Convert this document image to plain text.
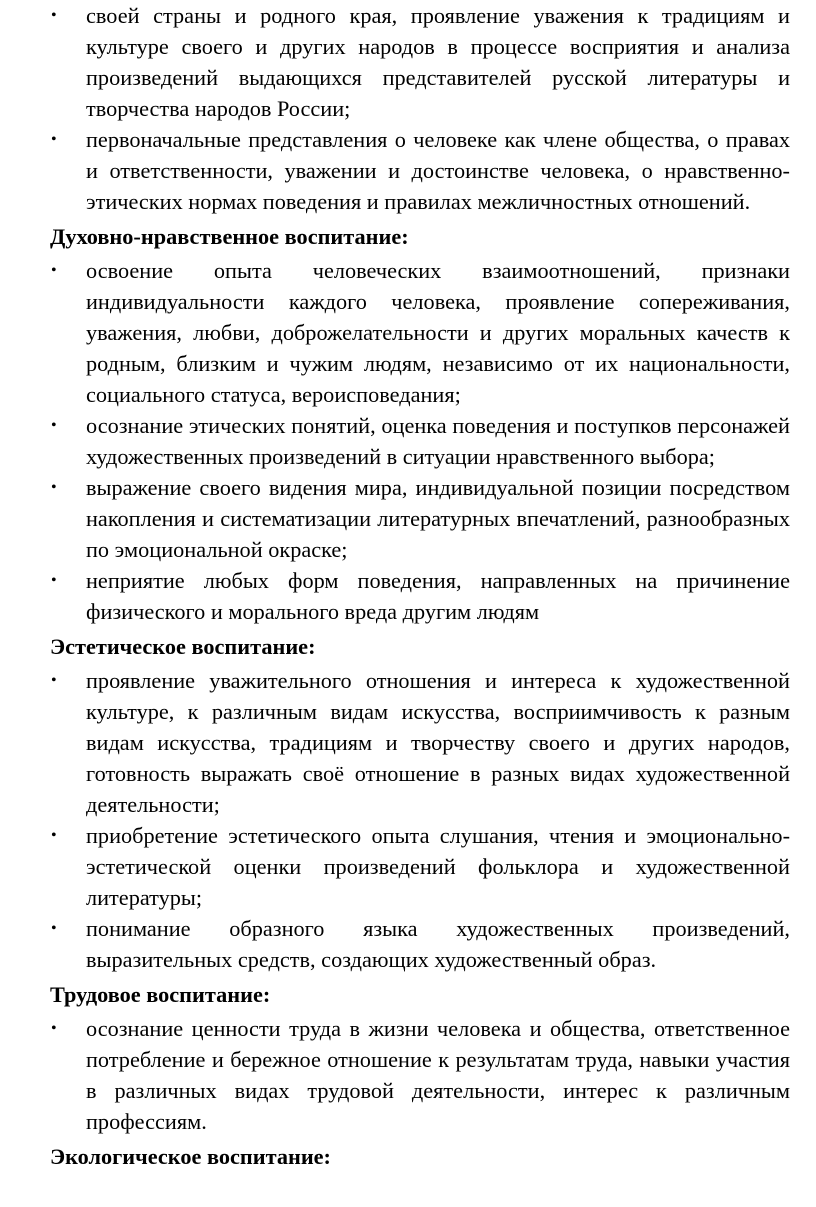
• своей страны и родного края, проявление уважения к традициям и культуре своего и других народов в процессе восприятия и анализа произведений выдающихся представителей русской литературы и творчества народов России;
• первоначальные представления о человеке как члене общества, о правах и ответственности, уважении и достоинстве человека, о нравственно-этических нормах поведения и правилах межличностных отношений.

Духовно-нравственное воспитание:

• освоение опыта человеческих взаимоотношений, признаки индивидуальности каждого человека, проявление сопереживания, уважения, любви, доброжелательности и других моральных качеств к родным, близким и чужим людям, независимо от их национальности, социального статуса, вероисповедания;
• осознание этических понятий, оценка поведения и поступков персонажей художественных произведений в ситуации нравственного выбора;
• выражение своего видения мира, индивидуальной позиции посредством накопления и систематизации литературных впечатлений, разнообразных по эмоциональной окраске;
• неприятие любых форм поведения, направленных на причинение физического и морального вреда другим людям

Эстетическое воспитание:

• проявление уважительного отношения и интереса к художественной культуре, к различным видам искусства, восприимчивость к разным видам искусства, традициям и творчеству своего и других народов, готовность выражать своё отношение в разных видах художественной деятельности;
• приобретение эстетического опыта слушания, чтения и эмоционально-эстетической оценки произведений фольклора и художественной литературы;
• понимание образного языка художественных произведений, выразительных средств, создающих художественный образ.

Трудовое воспитание:

• осознание ценности труда в жизни человека и общества, ответственное потребление и бережное отношение к результатам труда, навыки участия в различных видах трудовой деятельности, интерес к различным профессиям.

Экологическое воспитание:
